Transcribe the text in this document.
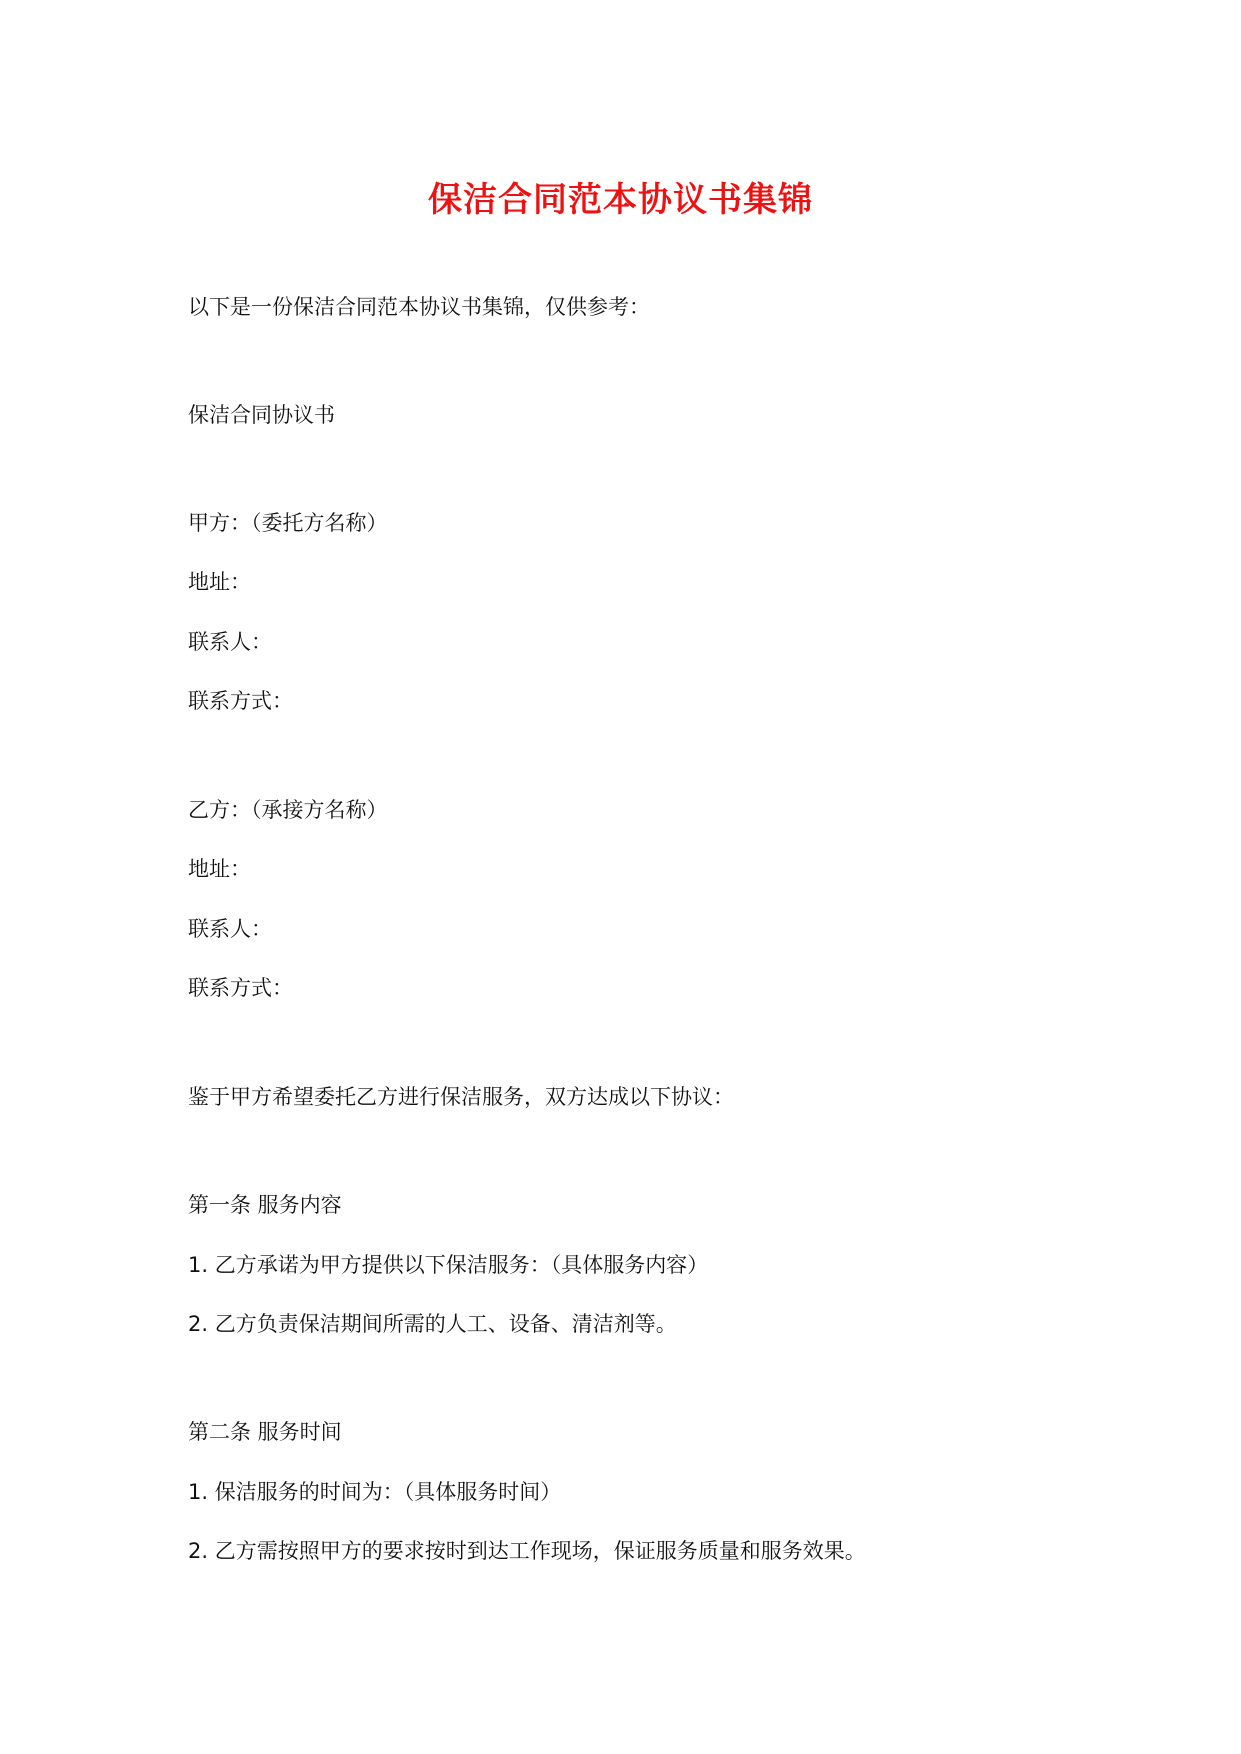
保洁合同范本协议书集锦
以下是一份保洁合同范本协议书集锦，仅供参考：
保洁合同协议书
甲方：（委托方名称）
地址：
联系人：
联系方式：
乙方：（承接方名称）
地址：
联系人：
联系方式：
鉴于甲方希望委托乙方进行保洁服务，双方达成以下协议：
第一条 服务内容
1. 乙方承诺为甲方提供以下保洁服务：（具体服务内容）
2. 乙方负责保洁期间所需的人工、设备、清洁剂等。
第二条 服务时间
1. 保洁服务的时间为：（具体服务时间）
2. 乙方需按照甲方的要求按时到达工作现场，保证服务质量和服务效果。
